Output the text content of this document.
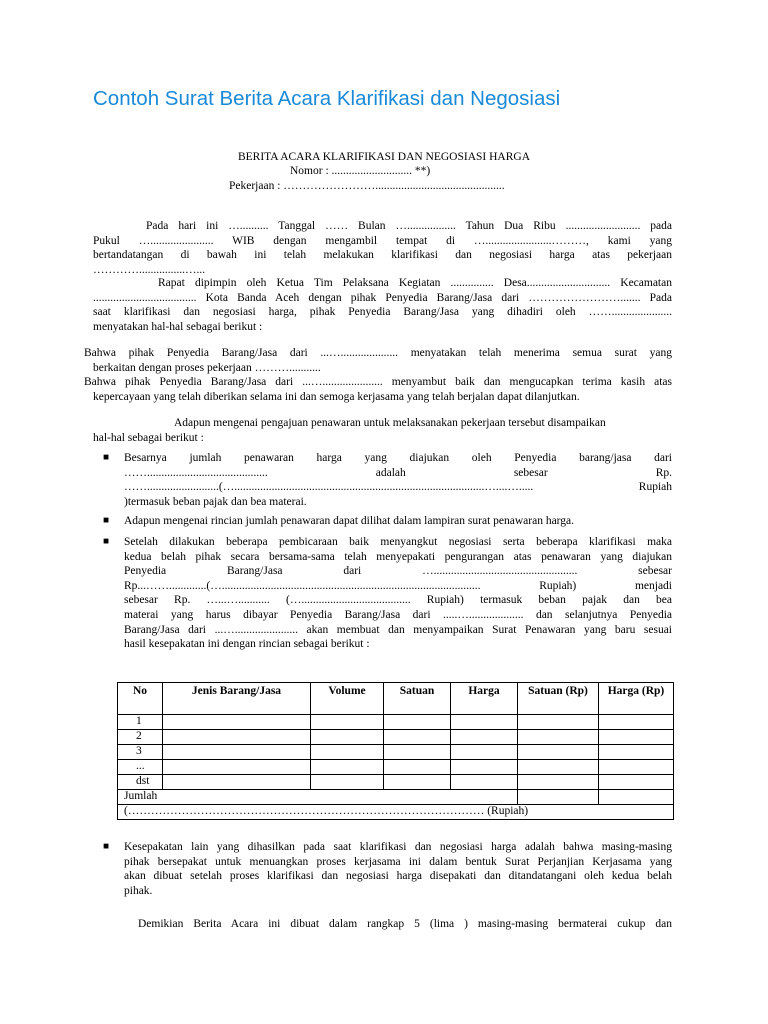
Contoh Surat Berita Acara Klarifikasi dan Negosiasi
BERITA ACARA KLARIFIKASI DAN NEGOSIASI HARGA
Nomor : ............................ **)
Pekerjaan : …………………….............................................
Pada hari ini ….......... Tanggal …… Bulan …................. Tahun Dua Ribu .......................... pada
Pukul …...................... WIB dengan mengambil tempat di ….......................………, kami yang
bertandatangan di bawah ini telah melakukan klarifikasi dan negosiasi harga atas pekerjaan
…………................…...
Rapat dipimpin oleh Ketua Tim Pelaksana Kegiatan ............... Desa............................. Kecamatan
.................................... Kota Banda Aceh dengan pihak Penyedia Barang/Jasa dari ……………………....... Pada
saat klarifikasi dan negosiasi harga, pihak Penyedia Barang/Jasa yang dihadiri oleh …….....................
menyatakan hal-hal sebagai berikut :
Bahwa pihak Penyedia Barang/Jasa dari ...….................... menyatakan telah menerima semua surat yang
berkaitan dengan proses pekerjaan ………...........
Bahwa pihak Penyedia Barang/Jasa dari ...…..................... menyambut baik dan mengucapkan terima kasih atas
kepercayaan yang telah diberikan selama ini dan semoga kerjasama yang telah berjalan dapat dilanjutkan.
Adapun mengenai pengajuan penawaran untuk melaksanakan pekerjaan tersebut disampaikan
hal-hal sebagai berikut :
■ Besarnya jumlah penawaran harga yang diajukan oleh Penyedia barang/jasa dari
…….......................................... adalah sebesar Rp.
…….........................(….......................................................................................…....…..... Rupiah
)termasuk beban pajak dan bea materai.
■ Adapun mengenai rincian jumlah penawaran dapat dilihat dalam lampiran surat penawaran harga.
■ Setelah dilakukan beberapa pembicaraan baik menyangkut negosiasi serta beberapa klarifikasi maka
kedua belah pihak secara bersama-sama telah menyepakati pengurangan atas penawaran yang diajukan
Penyedia Barang/Jasa dari ….................................................. sebesar
Rp...…….............(….......................................................................................... Rupiah) menjadi
sebesar Rp. …...…........... (…...................................... Rupiah) termasuk beban pajak dan bea
materai yang harus dibayar Penyedia Barang/Jasa dari .....…................... dan selanjutnya Penyedia
Barang/Jasa dari ...…...................... akan membuat dan menyampaikan Surat Penawaran yang baru sesuai
hasil kesepakatan ini dengan rincian sebagai berikut :
No	Jenis Barang/Jasa	Volume	Satuan	Harga	Satuan (Rp)	Harga (Rp)
1						
2						
3						
...						
dst						
Jumlah						
(………………………………………………………………………………… (Rupiah)						
■ Kesepakatan lain yang dihasilkan pada saat klarifikasi dan negosiasi harga adalah bahwa masing-masing
pihak bersepakat untuk menuangkan proses kerjasama ini dalam bentuk Surat Perjanjian Kerjasama yang
akan dibuat setelah proses klarifikasi dan negosiasi harga disepakati dan ditandatangani oleh kedua belah
pihak.
Demikian Berita Acara ini dibuat dalam rangkap 5 (lima ) masing-masing bermaterai cukup dan
